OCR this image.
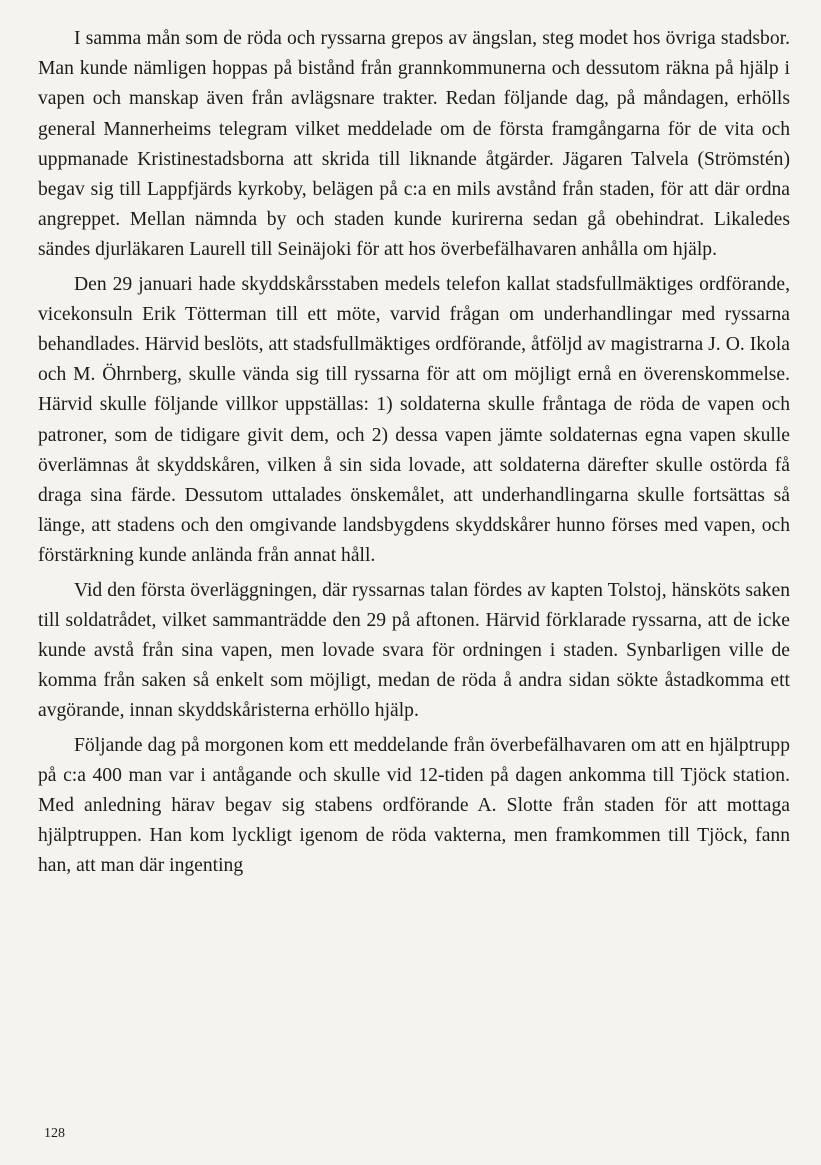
I samma mån som de röda och ryssarna grepos av ängslan, steg modet hos övriga stadsbor. Man kunde nämligen hoppas på bistånd från grannkommunerna och dessutom räkna på hjälp i vapen och manskap även från avlägsnare trakter. Redan följande dag, på måndagen, erhölls general Mannerheims telegram vilket meddelade om de första framgångarna för de vita och uppmanade Kristinestadsborna att skrida till liknande åtgärder. Jägaren Talvela (Strömstén) begav sig till Lappfjärds kyrkoby, belägen på c:a en mils avstånd från staden, för att där ordna angreppet. Mellan nämnda by och staden kunde kurirerna sedan gå obehindrat. Likaledes sändes djurläkaren Laurell till Seinäjoki för att hos överbefälhavaren anhålla om hjälp.

Den 29 januari hade skyddskårsstaben medels telefon kallat stadsfullmäktiges ordförande, vicekonsuln Erik Tötterman till ett möte, varvid frågan om underhandlingar med ryssarna behandlades. Härvid beslöts, att stadsfullmäktiges ordförande, åtföljd av magistrarna J. O. Ikola och M. Öhrnberg, skulle vända sig till ryssarna för att om möjligt ernå en överenskommelse. Härvid skulle följande villkor uppställas: 1) soldaterna skulle fråntaga de röda de vapen och patroner, som de tidigare givit dem, och 2) dessa vapen jämte soldaternas egna vapen skulle överlämnas åt skyddskåren, vilken å sin sida lovade, att soldaterna därefter skulle ostörda få draga sina färde. Dessutom uttalades önskemålet, att underhandlingarna skulle fortsättas så länge, att stadens och den omgivande landsbygdens skyddskårer hunno förses med vapen, och förstärkning kunde anlända från annat håll.

Vid den första överläggningen, där ryssarnas talan fördes av kapten Tolstoj, hänsköts saken till soldatrådet, vilket sammanträdde den 29 på aftonen. Härvid förklarade ryssarna, att de icke kunde avstå från sina vapen, men lovade svara för ordningen i staden. Synbarligen ville de komma från saken så enkelt som möjligt, medan de röda å andra sidan sökte åstadkomma ett avgörande, innan skyddskåristerna erhöllo hjälp.

Följande dag på morgonen kom ett meddelande från överbefälhavaren om att en hjälptrupp på c:a 400 man var i antågande och skulle vid 12-tiden på dagen ankomma till Tjöck station. Med anledning härav begav sig stabens ordförande A. Slotte från staden för att mottaga hjälptruppen. Han kom lyckligt igenom de röda vakterna, men framkommen till Tjöck, fann han, att man där ingenting

128
